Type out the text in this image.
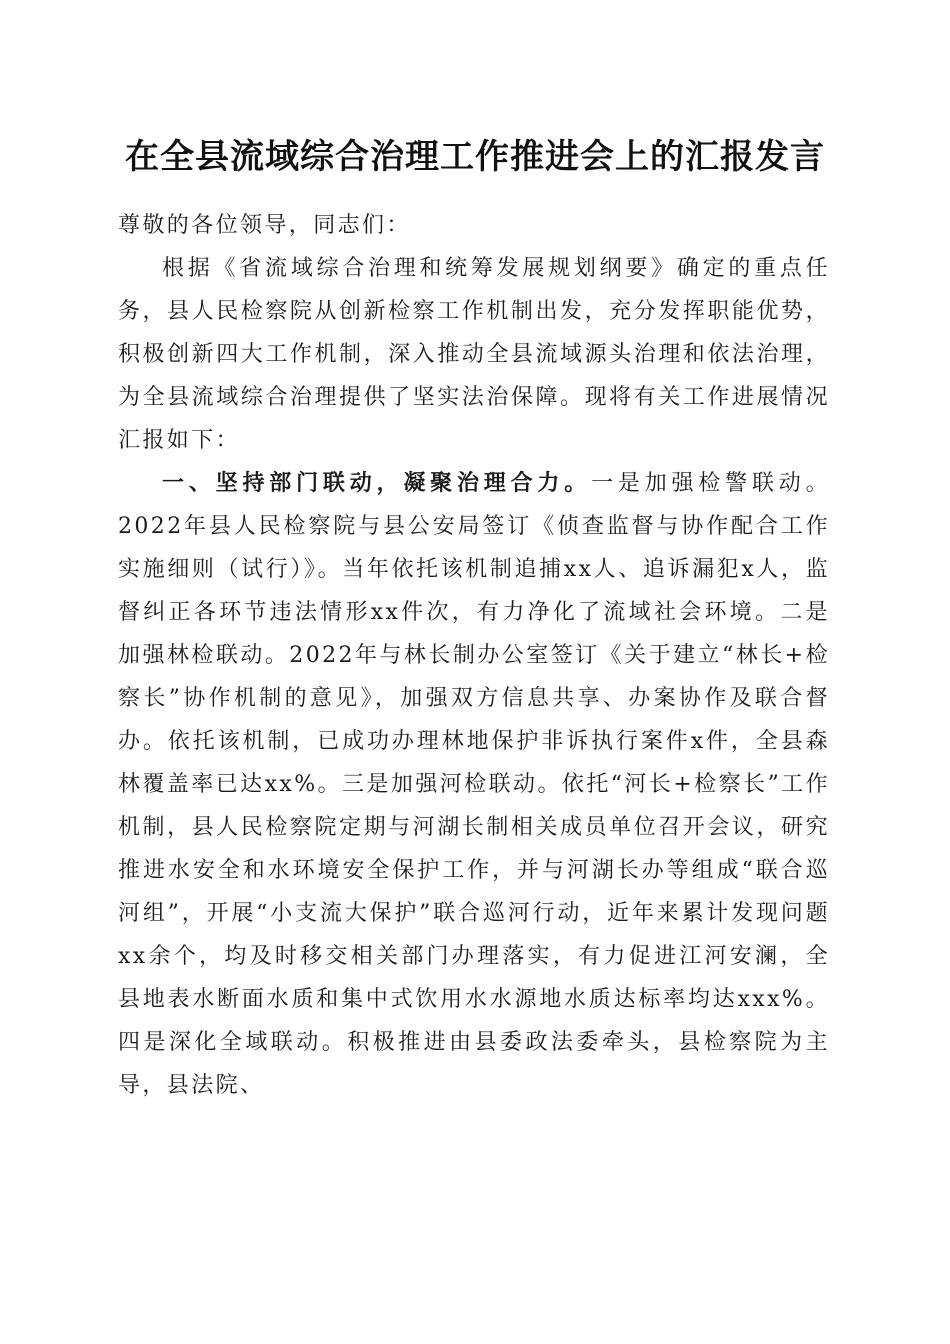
在全县流域综合治理工作推进会上的汇报发言

尊敬的各位领导，同志们：

根据《省流域综合治理和统筹发展规划纲要》确定的重点任务，县人民检察院从创新检察工作机制出发，充分发挥职能优势，积极创新四大工作机制，深入推动全县流域源头治理和依法治理，为全县流域综合治理提供了坚实法治保障。现将有关工作进展情况汇报如下：

一、坚持部门联动，凝聚治理合力。一是加强检警联动。2022年县人民检察院与县公安局签订《侦查监督与协作配合工作实施细则（试行）》。当年依托该机制追捕xx人、追诉漏犯x人，监督纠正各环节违法情形xx件次，有力净化了流域社会环境。二是加强林检联动。2022年与林长制办公室签订《关于建立“林长+检察长”协作机制的意见》，加强双方信息共享、办案协作及联合督办。依托该机制，已成功办理林地保护非诉执行案件x件，全县森林覆盖率已达xx%。三是加强河检联动。依托“河长+检察长”工作机制，县人民检察院定期与河湖长制相关成员单位召开会议，研究推进水安全和水环境安全保护工作，并与河湖长办等组成“联合巡河组”，开展“小支流大保护”联合巡河行动，近年来累计发现问题xx余个，均及时移交相关部门办理落实，有力促进江河安澜，全县地表水断面水质和集中式饮用水水源地水质达标率均达xxx%。四是深化全域联动。积极推进由县委政法委牵头，县检察院为主导，县法院、
